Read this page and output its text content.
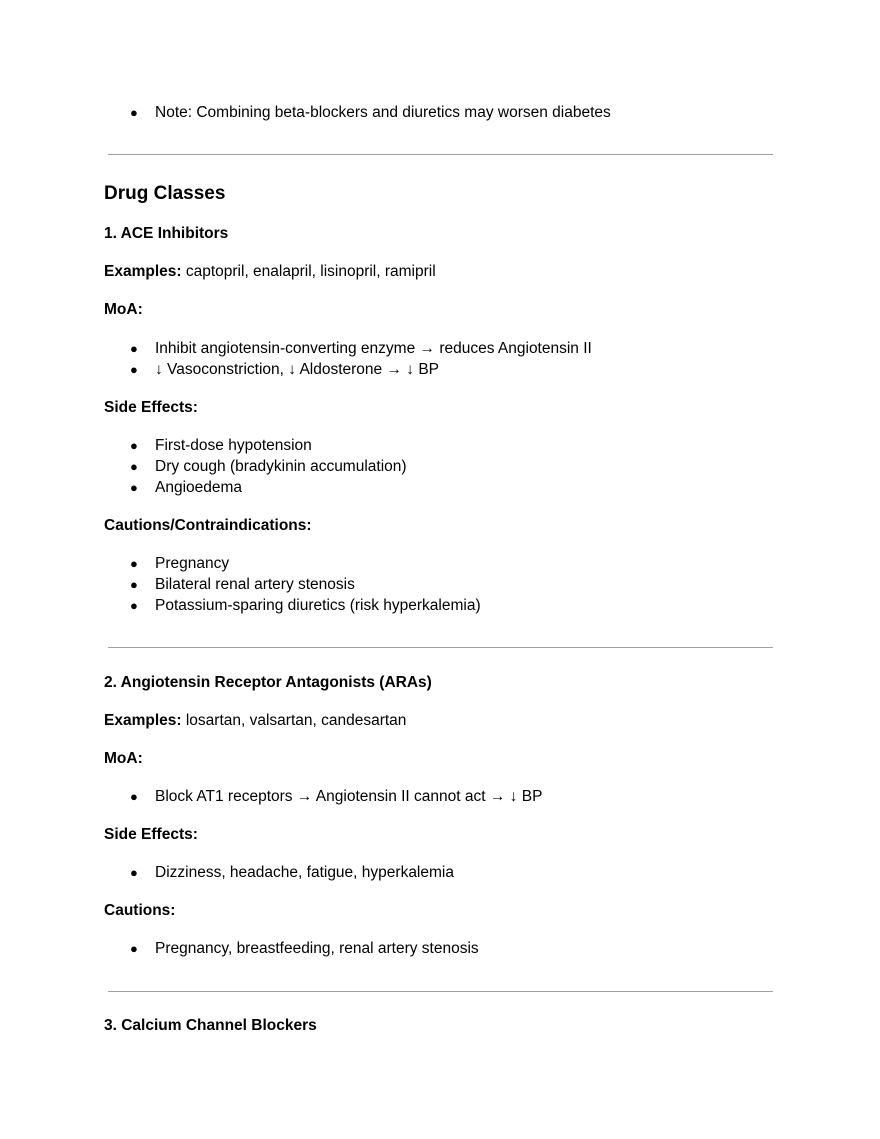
● Note: Combining beta-blockers and diuretics may worsen diabetes
Drug Classes
1. ACE Inhibitors
Examples: captopril, enalapril, lisinopril, ramipril
MoA:
● Inhibit angiotensin-converting enzyme → reduces Angiotensin II
● ↓ Vasoconstriction, ↓ Aldosterone → ↓ BP
Side Effects:
● First-dose hypotension
● Dry cough (bradykinin accumulation)
● Angioedema
Cautions/Contraindications:
● Pregnancy
● Bilateral renal artery stenosis
● Potassium-sparing diuretics (risk hyperkalemia)
2. Angiotensin Receptor Antagonists (ARAs)
Examples: losartan, valsartan, candesartan
MoA:
● Block AT1 receptors → Angiotensin II cannot act → ↓ BP
Side Effects:
● Dizziness, headache, fatigue, hyperkalemia
Cautions:
● Pregnancy, breastfeeding, renal artery stenosis
3. Calcium Channel Blockers
